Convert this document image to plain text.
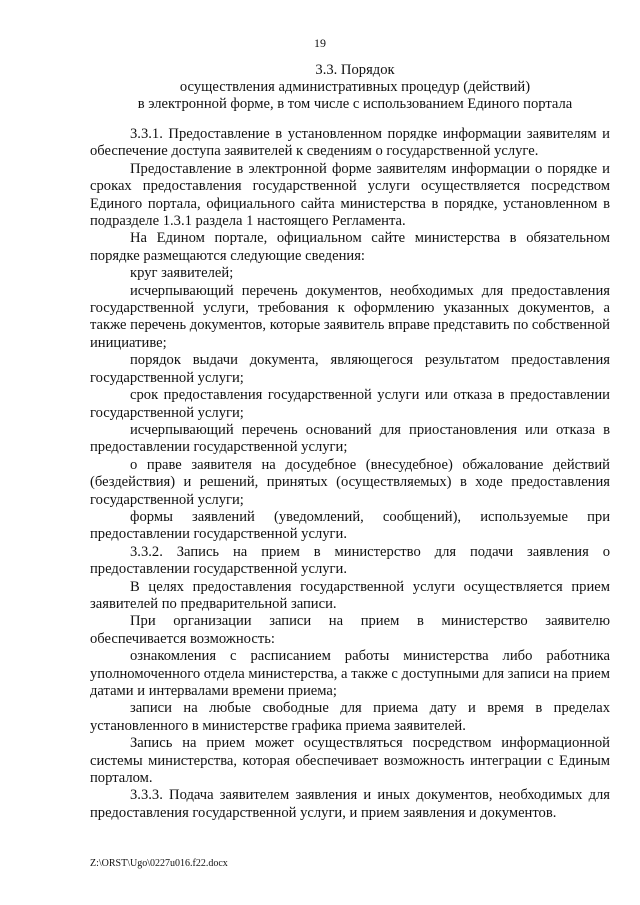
19
3.3. Порядок
осуществления административных процедур (действий)
в электронной форме, в том числе с использованием Единого портала

3.3.1. Предоставление в установленном порядке информации заявителям и обеспечение доступа заявителей к сведениям о государственной услуге.

Предоставление в электронной форме заявителям информации о порядке и сроках предоставления государственной услуги осуществляется посредством Единого портала, официального сайта министерства в порядке, установленном в подразделе 1.3.1 раздела 1 настоящего Регламента.

На Едином портале, официальном сайте министерства в обязательном порядке размещаются следующие сведения:

круг заявителей;

исчерпывающий перечень документов, необходимых для предоставления государственной услуги, требования к оформлению указанных документов, а также перечень документов, которые заявитель вправе представить по собственной инициативе;

порядок выдачи документа, являющегося результатом предоставления государственной услуги;

срок предоставления государственной услуги или отказа в предоставлении государственной услуги;

исчерпывающий перечень оснований для приостановления или отказа в предоставлении государственной услуги;

о праве заявителя на досудебное (внесудебное) обжалование действий (бездействия) и решений, принятых (осуществляемых) в ходе предоставления государственной услуги;

формы заявлений (уведомлений, сообщений), используемые при предоставлении государственной услуги.

3.3.2. Запись на прием в министерство для подачи заявления о предоставлении государственной услуги.

В целях предоставления государственной услуги осуществляется прием заявителей по предварительной записи.

При организации записи на прием в министерство заявителю обеспечивается возможность:

ознакомления с расписанием работы министерства либо работника уполномоченного отдела министерства, а также с доступными для записи на прием датами и интервалами времени приема;

записи на любые свободные для приема дату и время в пределах установленного в министерстве графика приема заявителей.

Запись на прием может осуществляться посредством информационной системы министерства, которая обеспечивает возможность интеграции с Единым порталом.

3.3.3. Подача заявителем заявления и иных документов, необходимых для предоставления государственной услуги, и прием заявления и документов.

Z:\ORST\Ugo\0227u016.f22.docx
